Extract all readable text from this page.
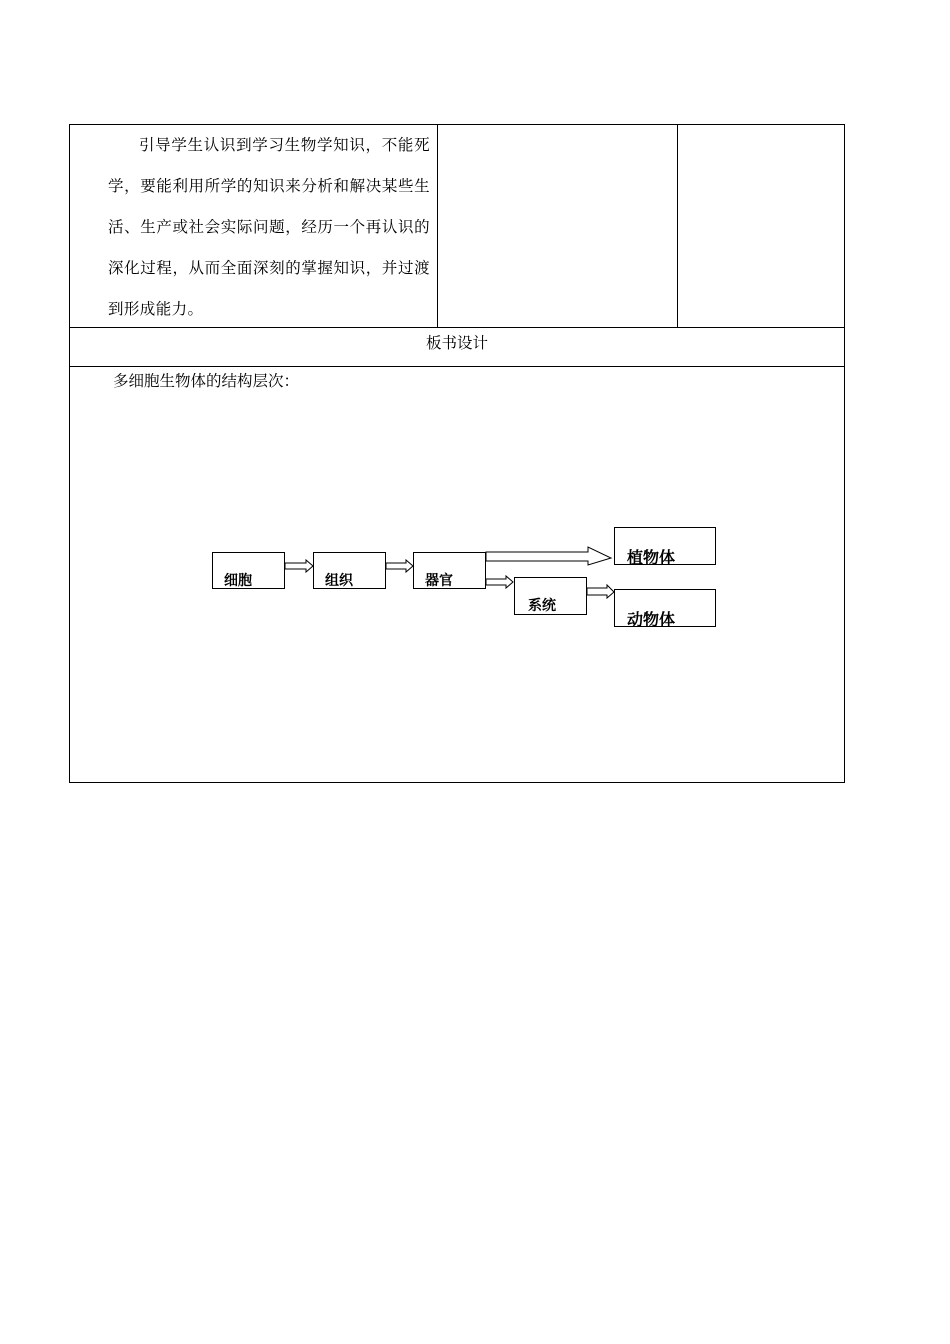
引导学生认识到学习生物学知识，不能死学，要能利用所学的知识来分析和解决某些生活、生产或社会实际问题，经历一个再认识的深化过程，从而全面深刻的掌握知识，并过渡到形成能力。
板书设计
多细胞生物体的结构层次：
细胞	组织	器官
系统
植物体
动物体
